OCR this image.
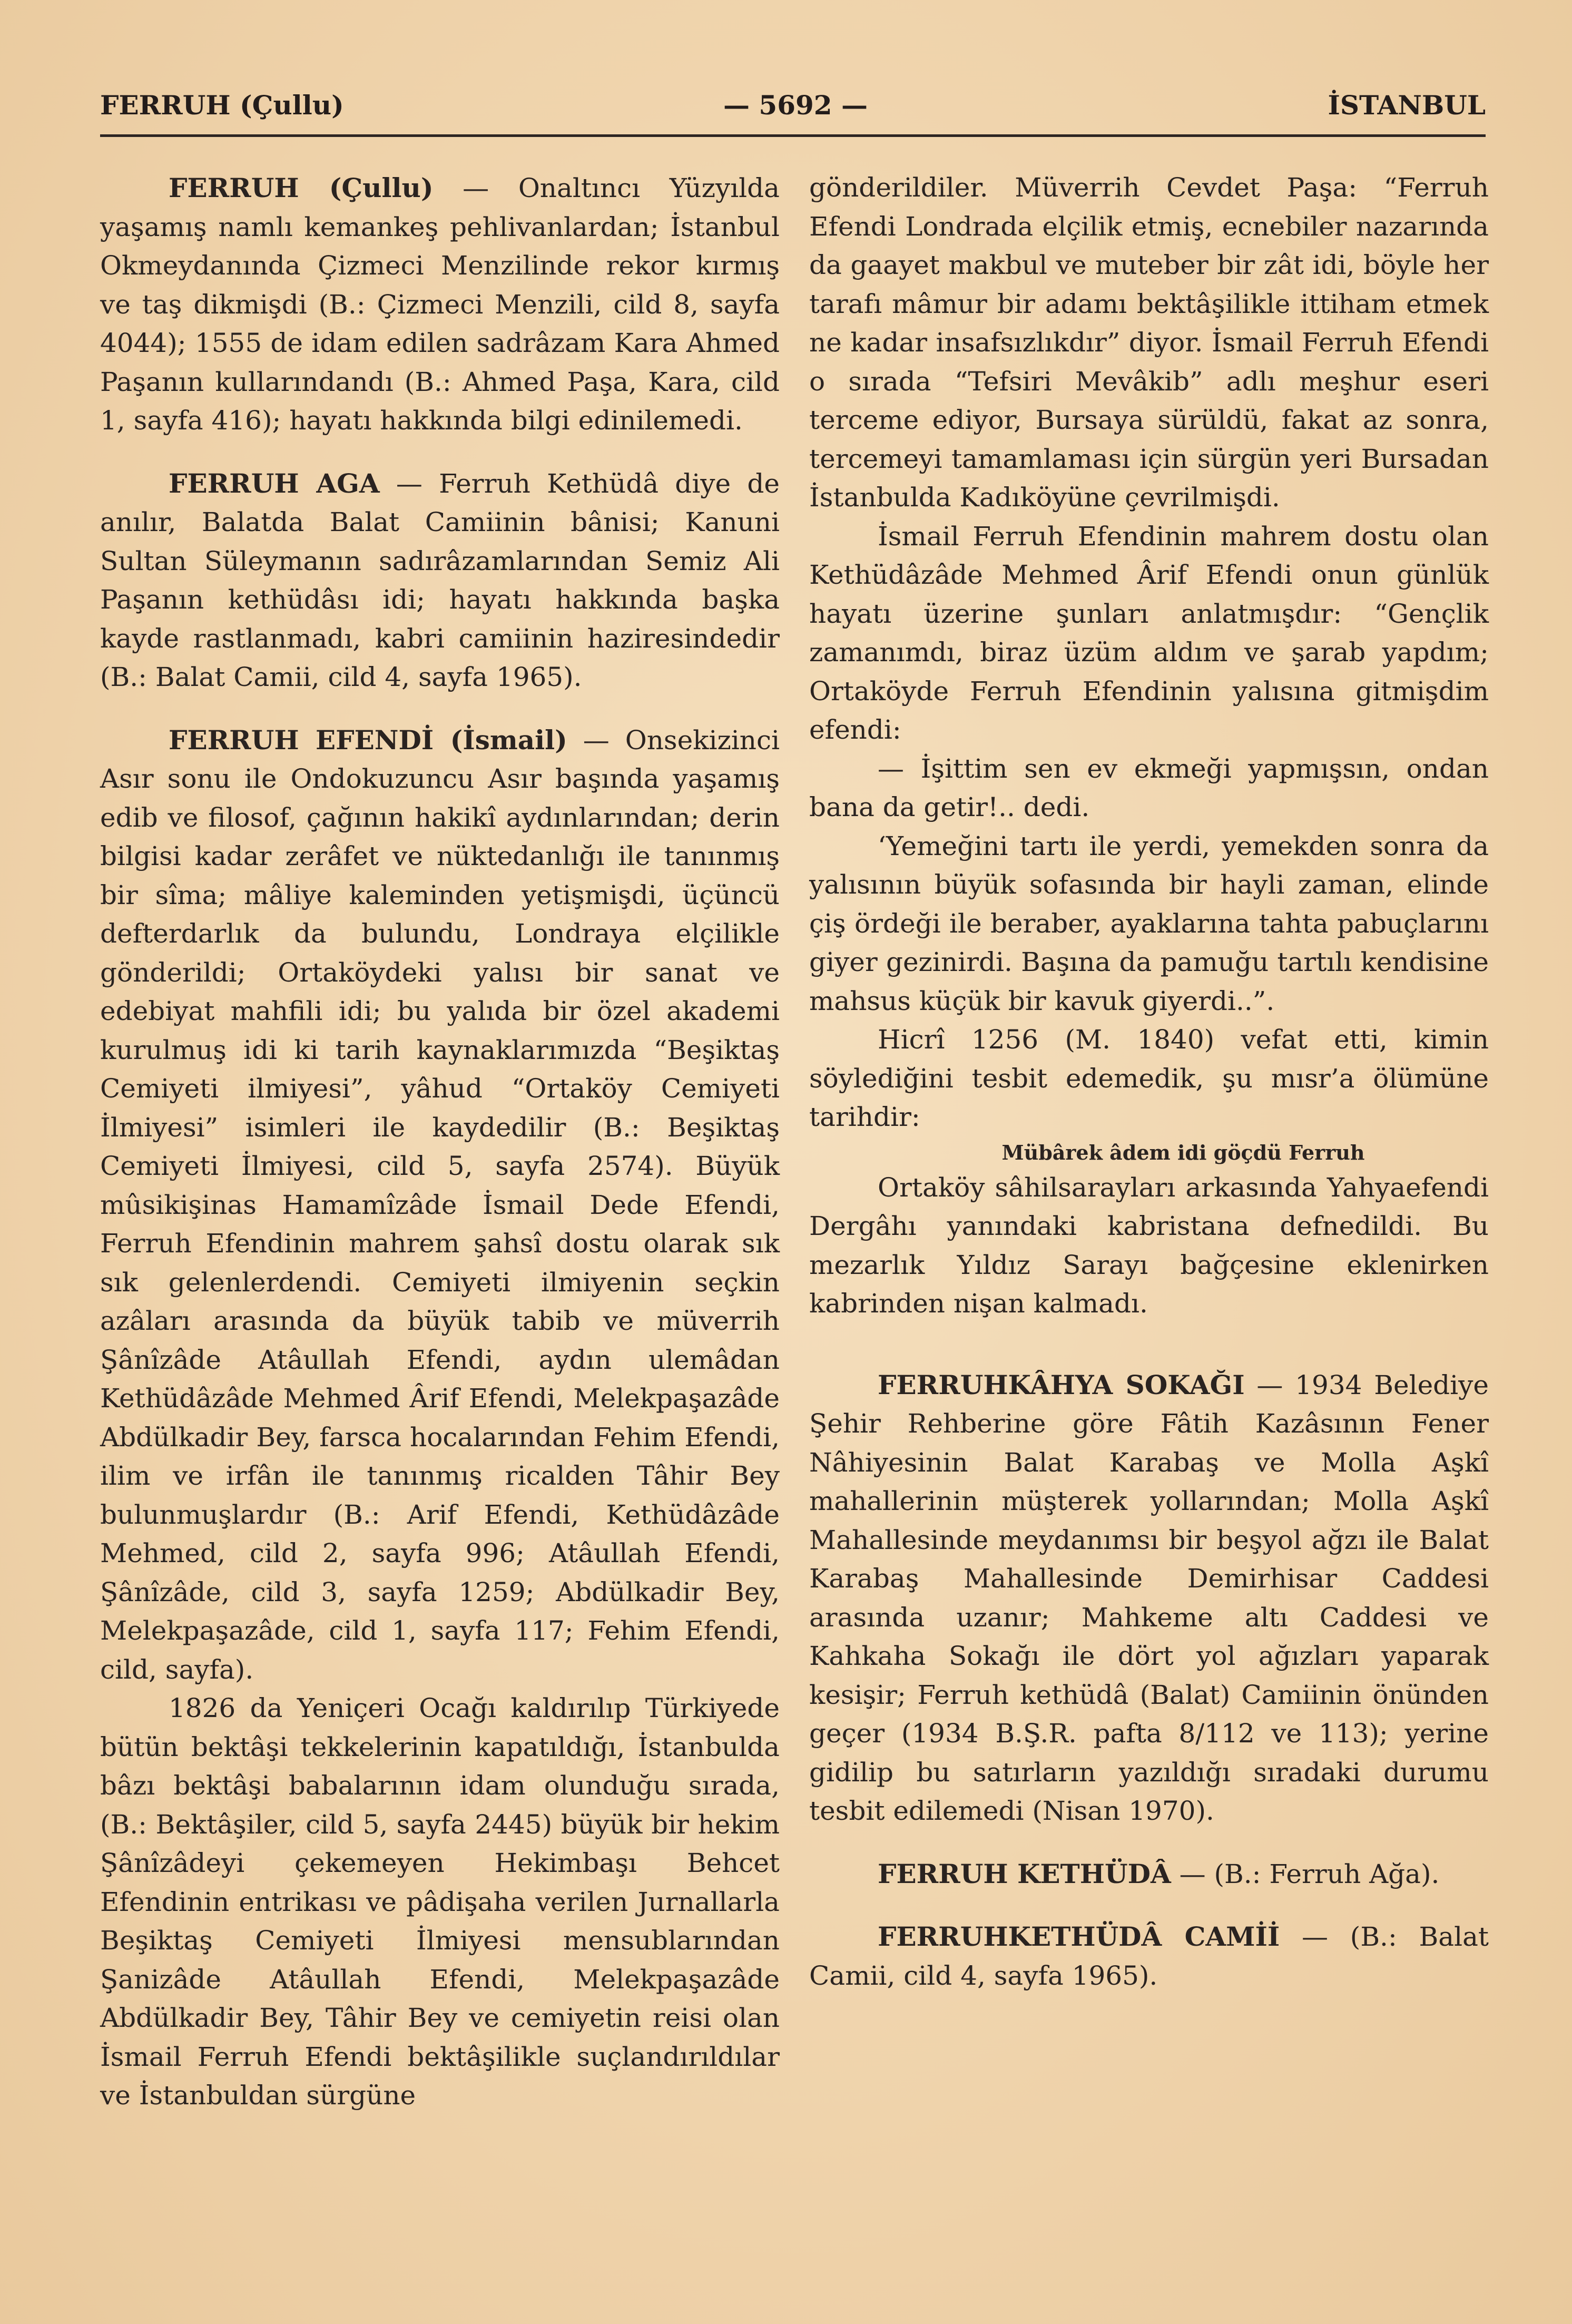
FERRUH (Çullu)	— 5692 —	İSTANBUL

FERRUH (Çullu) — Onaltıncı Yüzyılda yaşamış namlı kemankeş pehlivanlardan; İstanbul Okmeydanında Çizmeci Menzilinde rekor kırmış ve taş dikmişdi (B.: Çizmeci Menzili, cild 8, sayfa 4044); 1555 de idam edilen sadrâzam Kara Ahmed Paşanın kullarındandı (B.: Ahmed Paşa, Kara, cild 1, sayfa 416); hayatı hakkında bilgi edinilemedi.

FERRUH AGA — Ferruh Kethüdâ diye de anılır, Balatda Balat Camiinin bânisi; Kanuni Sultan Süleymanın sadırâzamlarından Semiz Ali Paşanın kethüdâsı idi; hayatı hakkında başka kayde rastlanmadı, kabri camiinin haziresindedir (B.: Balat Camii, cild 4, sayfa 1965).

FERRUH EFENDİ (İsmail) — Onsekizinci Asır sonu ile Ondokuzuncu Asır başında yaşamış edib ve filosof, çağının hakikî aydınlarından; derin bilgisi kadar zerâfet ve nüktedanlığı ile tanınmış bir sîma; mâliye kaleminden yetişmişdi, üçüncü defterdarlık da bulundu, Londraya elçilikle gönderildi; Ortaköydeki yalısı bir sanat ve edebiyat mahfili idi; bu yalıda bir özel akademi kurulmuş idi ki tarih kaynaklarımızda “Beşiktaş Cemiyeti ilmiyesi”, yâhud “Ortaköy Cemiyeti İlmiyesi” isimleri ile kaydedilir (B.: Beşiktaş Cemiyeti İlmiyesi, cild 5, sayfa 2574). Büyük mûsikişinas Hamamîzâde İsmail Dede Efendi, Ferruh Efendinin mahrem şahsî dostu olarak sık sık gelenlerdendi. Cemiyeti ilmiyenin seçkin azâları arasında da büyük tabib ve müverrih Şânîzâde Atâullah Efendi, aydın ulemâdan Kethüdâzâde Mehmed Ârif Efendi, Melekpaşazâde Abdülkadir Bey, farsca hocalarından Fehim Efendi, ilim ve irfân ile tanınmış ricalden Tâhir Bey bulunmuşlardır (B.: Arif Efendi, Kethüdâzâde Mehmed, cild 2, sayfa 996; Atâullah Efendi, Şânîzâde, cild 3, sayfa 1259; Abdülkadir Bey, Melekpaşazâde, cild 1, sayfa 117; Fehim Efendi, cild, sayfa).

1826 da Yeniçeri Ocağı kaldırılıp Türkiyede bütün bektâşi tekkelerinin kapatıldığı, İstanbulda bâzı bektâşi babalarının idam olunduğu sırada, (B.: Bektâşiler, cild 5, sayfa 2445) büyük bir hekim Şânîzâdeyi çekemeyen Hekimbaşı Behcet Efendinin entrikası ve pâdişaha verilen Jurnallarla Beşiktaş Cemiyeti İlmiyesi mensublarından Şanizâde Atâullah Efendi, Melekpaşazâde Abdülkadir Bey, Tâhir Bey ve cemiyetin reisi olan İsmail Ferruh Efendi bektâşilikle suçlandırıldılar ve İstanbuldan sürgüne

gönderildiler. Müverrih Cevdet Paşa: “Ferruh Efendi Londrada elçilik etmiş, ecnebiler nazarında da gaayet makbul ve muteber bir zât idi, böyle her tarafı mâmur bir adamı bektâşilikle ittiham etmek ne kadar insafsızlıkdır” diyor. İsmail Ferruh Efendi o sırada “Tefsiri Mevâkib” adlı meşhur eseri terceme ediyor, Bursaya sürüldü, fakat az sonra, tercemeyi tamamlaması için sürgün yeri Bursadan İstanbulda Kadıköyüne çevrilmişdi.

İsmail Ferruh Efendinin mahrem dostu olan Kethüdâzâde Mehmed Ârif Efendi onun günlük hayatı üzerine şunları anlatmışdır: “Gençlik zamanımdı, biraz üzüm aldım ve şarab yapdım; Ortaköyde Ferruh Efendinin yalısına gitmişdim efendi:

— İşittim sen ev ekmeği yapmışsın, ondan bana da getir!.. dedi.

‘Yemeğini tartı ile yerdi, yemekden sonra da yalısının büyük sofasında bir hayli zaman, elinde çiş ördeği ile beraber, ayaklarına tahta pabuçlarını giyer gezinirdi. Başına da pamuğu tartılı kendisine mahsus küçük bir kavuk giyerdi..”.

Hicrî 1256 (M. 1840) vefat etti, kimin söylediğini tesbit edemedik, şu mısr’a ölümüne tarihdir:

Mübârek âdem idi göçdü Ferruh

Ortaköy sâhilsarayları arkasında Yahyaefendi Dergâhı yanındaki kabristana defnedildi. Bu mezarlık Yıldız Sarayı bağçesine eklenirken kabrinden nişan kalmadı.

FERRUHKÂHYA SOKAĞI — 1934 Belediye Şehir Rehberine göre Fâtih Kazâsının Fener Nâhiyesinin Balat Karabaş ve Molla Aşkî mahallerinin müşterek yollarından; Molla Aşkî Mahallesinde meydanımsı bir beşyol ağzı ile Balat Karabaş Mahallesinde Demirhisar Caddesi arasında uzanır; Mahkeme altı Caddesi ve Kahkaha Sokağı ile dört yol ağızları yaparak kesişir; Ferruh kethüdâ (Balat) Camiinin önünden geçer (1934 B.Ş.R. pafta 8/112 ve 113); yerine gidilip bu satırların yazıldığı sıradaki durumu tesbit edilemedi (Nisan 1970).

FERRUH KETHÜDÂ — (B.: Ferruh Ağa).

FERRUHKETHÜDÂ CAMİİ — (B.: Balat Camii, cild 4, sayfa 1965).
